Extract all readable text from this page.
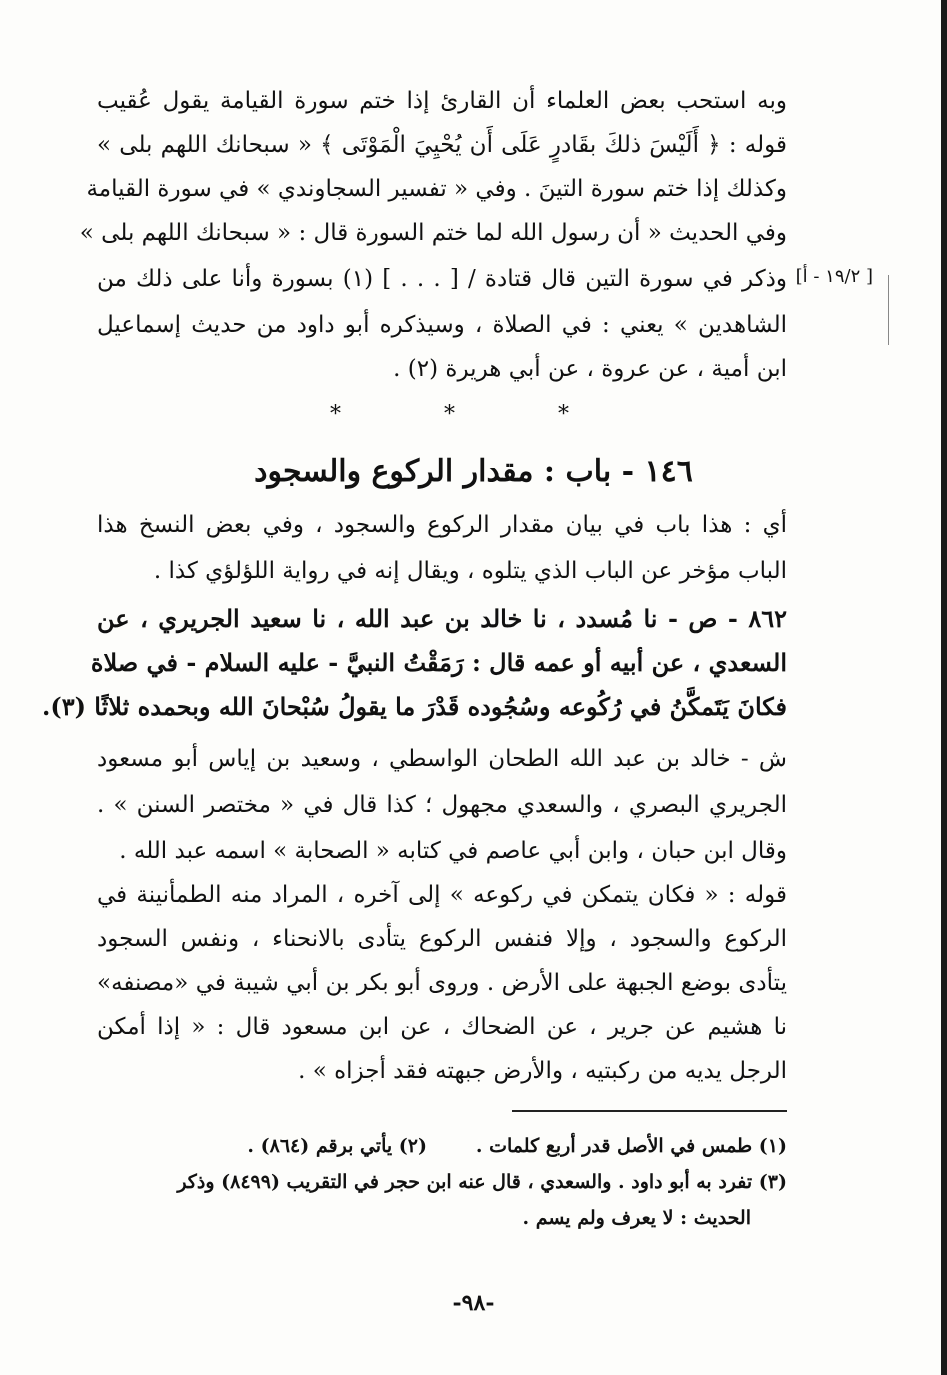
وبه استحب بعض العلماء أن القارئ إذا ختم سورة القيامة يقول عُقيب
قوله : ﴿ أَلَيْسَ ذلكَ بقَادرٍ عَلَى أَن يُحْيِيَ الْمَوْتَى ﴾ « سبحانك اللهم بلى »
وكذلك إذا ختم سورة التينَ . وفي « تفسير السجاوندي » في سورة القيامة
وفي الحديث « أن رسول الله لما ختم السورة قال : « سبحانك اللهم بلى »
وذكر في سورة التين قال قتادة / [ . . . ] (١) بسورة وأنا على ذلك من
الشاهدين » يعني : في الصلاة ، وسيذكره أبو داود من حديث إسماعيل
ابن أمية ، عن عروة ، عن أبي هريرة (٢) .
[ ١٩/٢ - أ]
* * *
١٤٦ - باب : مقدار الركوع والسجود
أي : هذا باب في بيان مقدار الركوع والسجود ، وفي بعض النسخ هذا
الباب مؤخر عن الباب الذي يتلوه ، ويقال إنه في رواية اللؤلؤي كذا .
٨٦٢ - ص - نا مُسدد ، نا خالد بن عبد الله ، نا سعيد الجريري ، عن
السعدي ، عن أبيه أو عمه قال : رَمَقْتُ النبيَّ - عليه السلام - في صلاة
فكانَ يَتَمكَّنُ في رُكُوعه وسُجُوده قَدْرَ ما يقولُ سُبْحانَ الله وبحمده ثلاثًا (٣).
ش - خالد بن عبد الله الطحان الواسطي ، وسعيد بن إياس أبو مسعود
الجريري البصري ، والسعدي مجهول ؛ كذا قال في « مختصر السنن » .
وقال ابن حبان ، وابن أبي عاصم في كتابه « الصحابة » اسمه عبد الله .
قوله : « فكان يتمكن في ركوعه » إلى آخره ، المراد منه الطمأنينة في
الركوع والسجود ، وإلا فنفس الركوع يتأدى بالانحناء ، ونفس السجود
يتأدى بوضع الجبهة على الأرض . وروى أبو بكر بن أبي شيبة في «مصنفه»
نا هشيم عن جرير ، عن الضحاك ، عن ابن مسعود قال : « إذا أمكن
الرجل يديه من ركبتيه ، والأرض جبهته فقد أجزاه » .
(١) طمس في الأصل قدر أربع كلمات .
(٢) يأتي برقم (٨٦٤) .
(٣) تفرد به أبو داود . والسعدي ، قال عنه ابن حجر في التقريب (٨٤٩٩) وذكر
الحديث : لا يعرف ولم يسم .
-٩٨-
